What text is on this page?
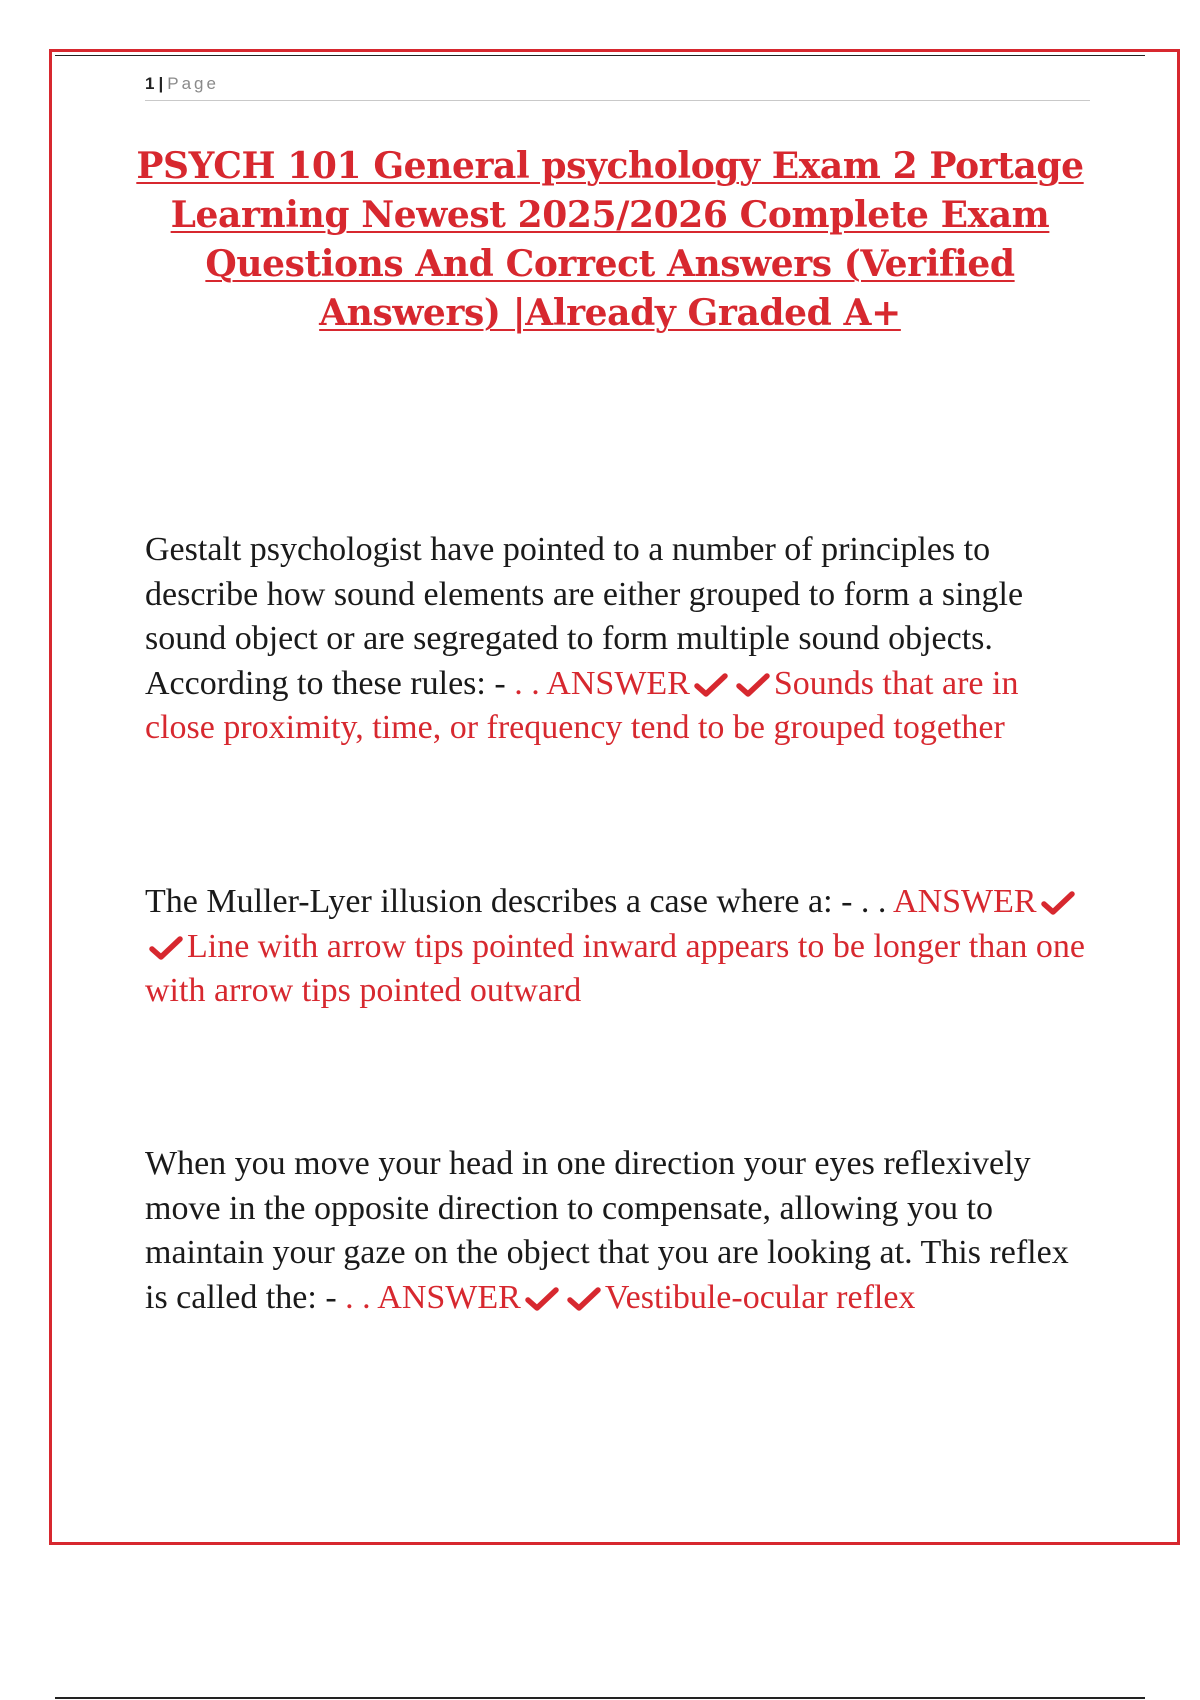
1 | Page
PSYCH 101 General psychology Exam 2 Portage Learning Newest 2025/2026 Complete Exam Questions And Correct Answers (Verified Answers) |Already Graded A+
Gestalt psychologist have pointed to a number of principles to describe how sound elements are either grouped to form a single sound object or are segregated to form multiple sound objects. According to these rules: - . . ANSWER Sounds that are in close proximity, time, or frequency tend to be grouped together
The Muller-Lyer illusion describes a case where a: - . . ANSWER
Line with arrow tips pointed inward appears to be longer than one with arrow tips pointed outward
When you move your head in one direction your eyes reflexively move in the opposite direction to compensate, allowing you to maintain your gaze on the object that you are looking at. This reflex is called the: - . . ANSWER Vestibule-ocular reflex
